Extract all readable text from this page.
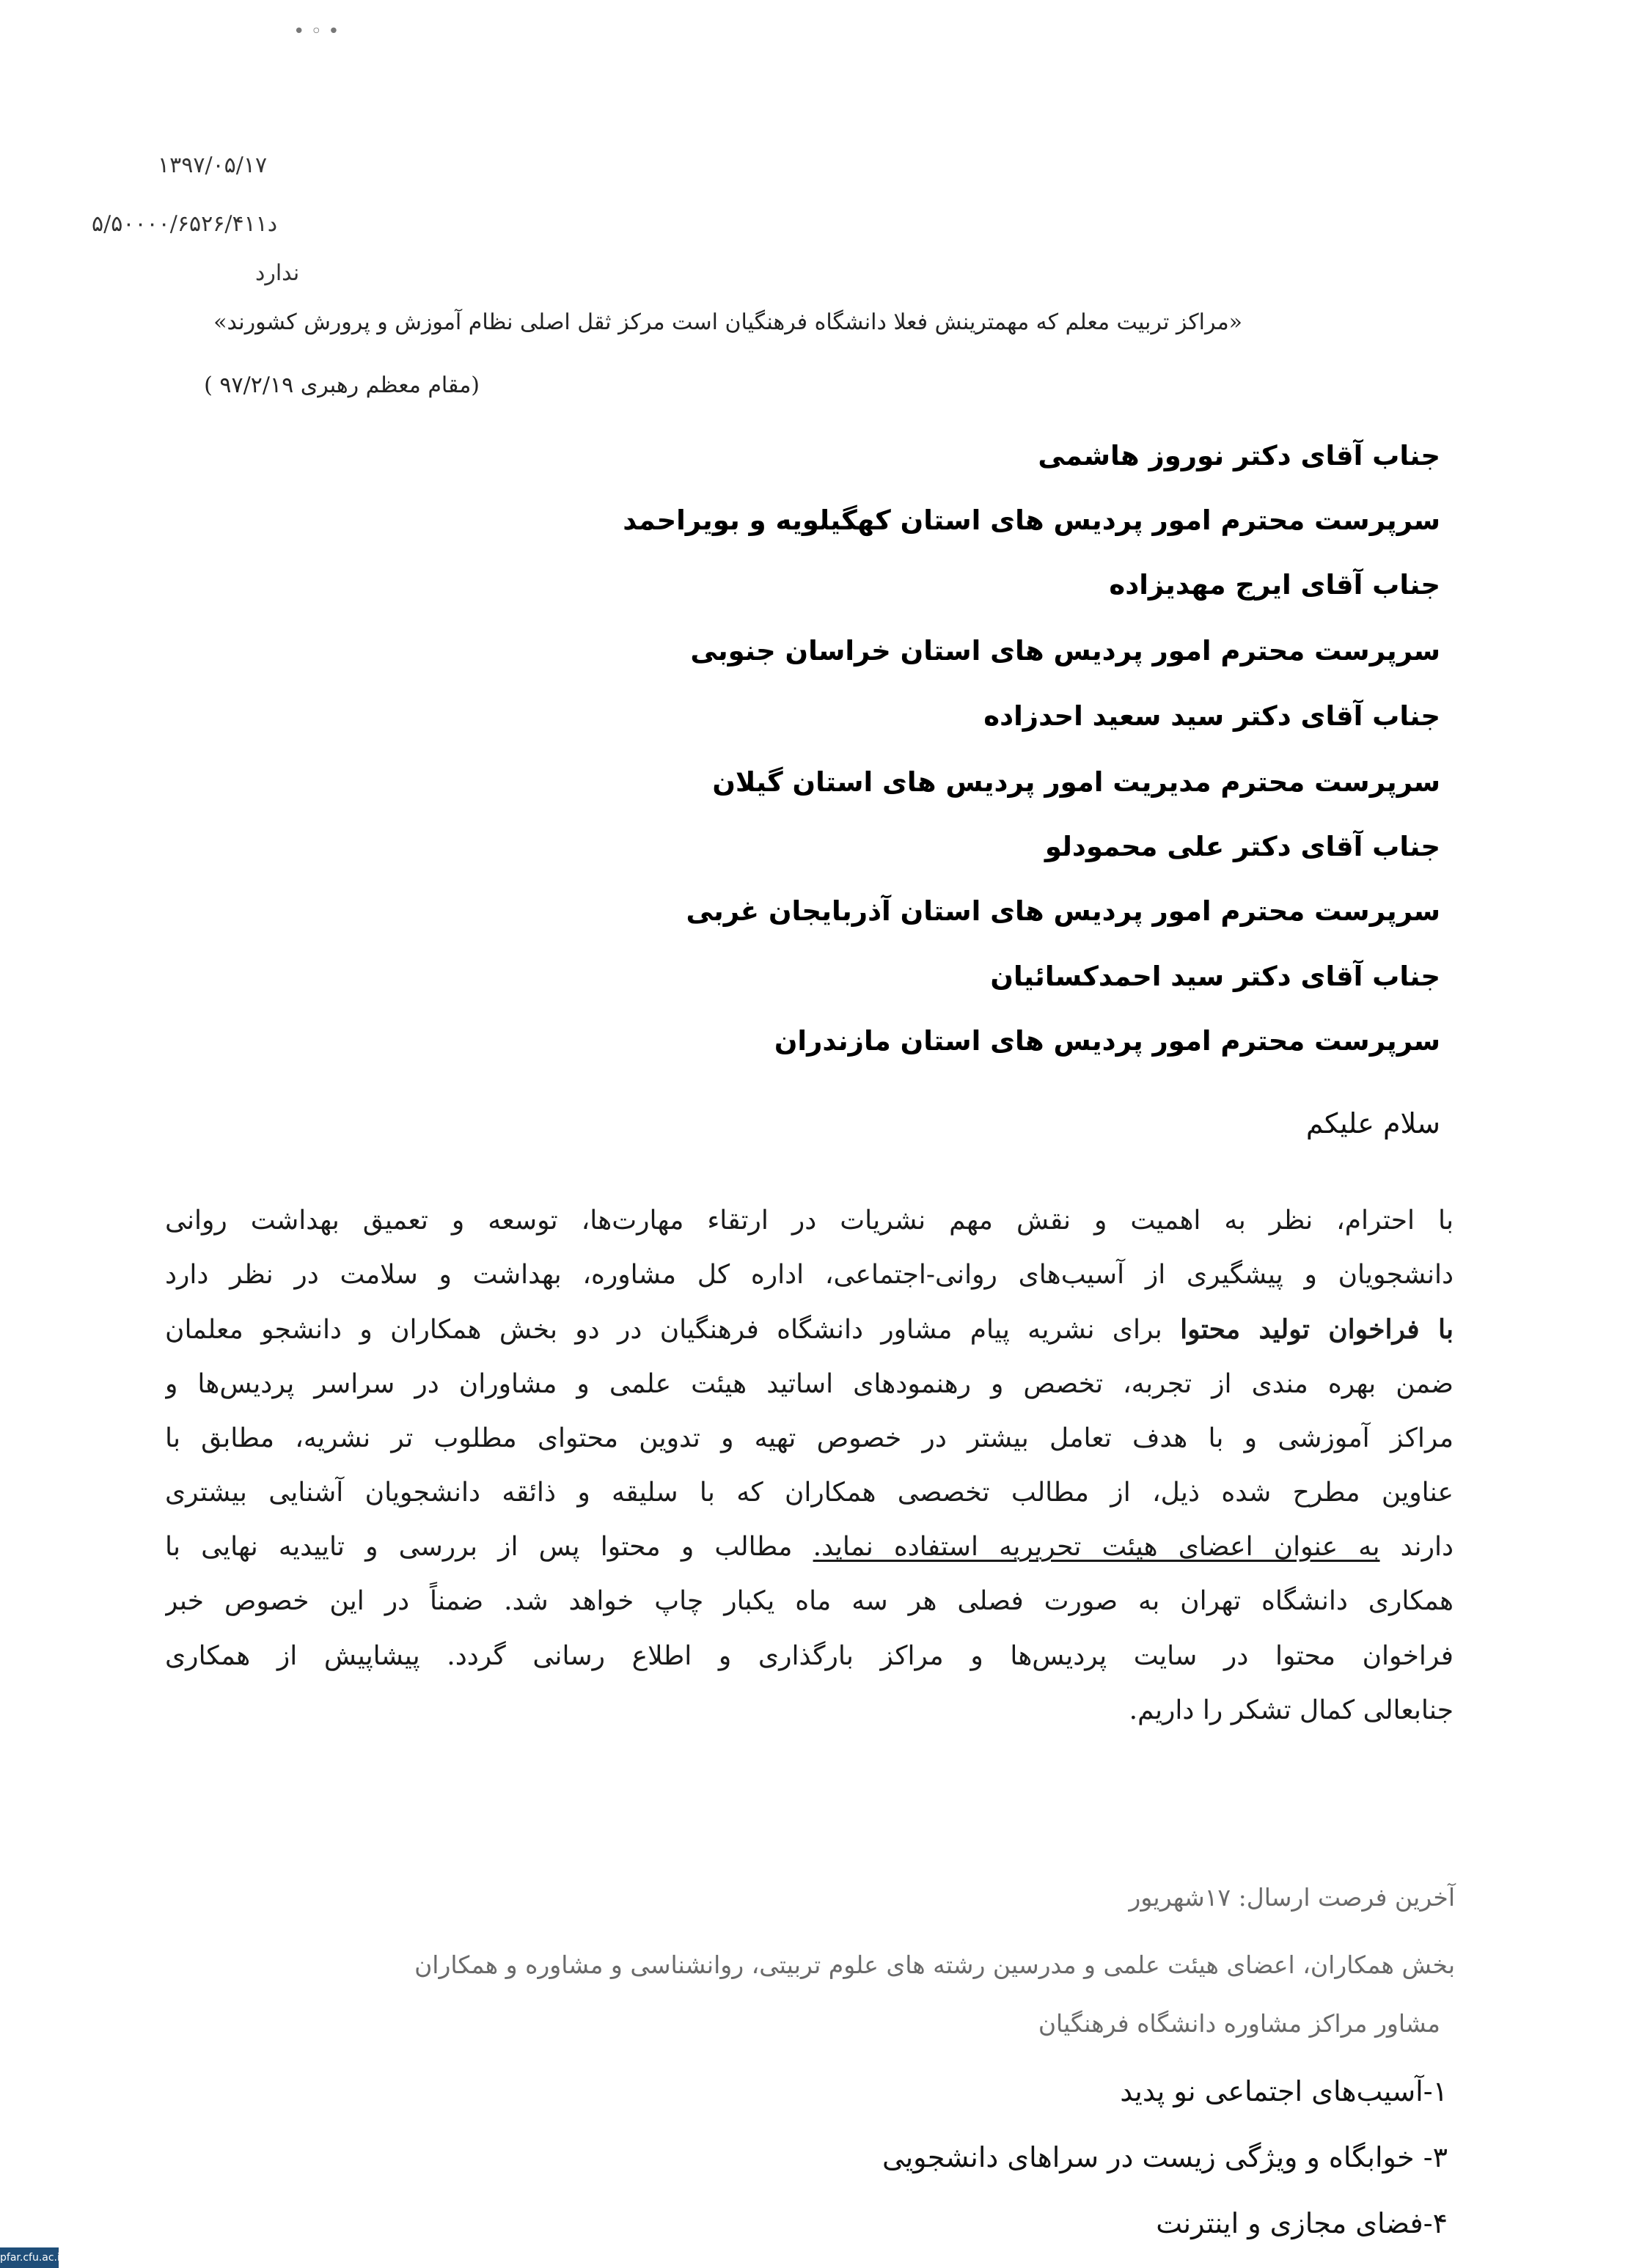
• ◦ •
۱۳۹۷/۰۵/۱۷
۵/۵۰۰۰۰/۶۵۲۶/۴۱۱د
ندارد
«مراکز تربیت معلم که مهمترینش فعلا دانشگاه فرهنگیان است مرکز ثقل اصلی نظام آموزش و پرورش کشورند»
(مقام معظم رهبری ۹۷/۲/۱۹ )
جناب آقای دکتر نوروز هاشمی
سرپرست محترم امور پردیس های استان کهگیلویه و بویراحمد
جناب آقای ایرج مهدیزاده
سرپرست محترم امور پردیس های استان خراسان جنوبی
جناب آقای دکتر سید سعید احدزاده
سرپرست محترم مدیریت امور پردیس های استان گیلان
جناب آقای دکتر علی محمودلو
سرپرست محترم امور پردیس های استان آذربایجان غربی
جناب آقای دکتر سید احمدکسائیان
سرپرست محترم امور پردیس های استان مازندران
سلام علیکم
با احترام، نظر به اهمیت و نقش مهم نشریات در ارتقاء مهارت‌ها، توسعه و تعمیق بهداشت روانی
دانشجویان و پیشگیری از آسیب‌های روانی-اجتماعی، اداره کل مشاوره، بهداشت و سلامت در نظر دارد
با فراخوان تولید محتوا برای نشریه پیام مشاور دانشگاه فرهنگیان در دو بخش همکاران و دانشجو معلمان
ضمن بهره مندی از تجربه، تخصص و رهنمودهای اساتید هیئت علمی و مشاوران در سراسر پردیس‌ها و
مراکز آموزشی و با هدف تعامل بیشتر در خصوص تهیه و تدوین محتوای مطلوب تر نشریه، مطابق با
عناوین مطرح شده ذیل، از مطالب تخصصی همکاران که با سلیقه و ذائقه دانشجویان آشنایی بیشتری
دارند به عنوان اعضای هیئت تحریریه استفاده نماید. مطالب و محتوا پس از بررسی و تاییدیه نهایی با
همکاری دانشگاه تهران به صورت فصلی هر سه ماه یکبار چاپ خواهد شد. ضمناً در این خصوص خبر
فراخوان محتوا در سایت پردیس‌ها و مراکز بارگذاری و اطلاع رسانی گردد. پیشاپیش از همکاری
جنابعالی کمال تشکر را داریم.
آخرین فرصت ارسال: ۱۷شهریور
بخش همکاران، اعضای هیئت علمی و مدرسین رشته های علوم تربیتی، روانشناسی و مشاوره و همکاران
مشاور مراکز مشاوره دانشگاه فرهنگیان
۱-آسیب‌های اجتماعی نو پدید
۳- خوابگاه و ویژگی زیست در سراهای دانشجویی
۴-فضای مجازی و اینترنت
pfar.cfu.ac.ir
